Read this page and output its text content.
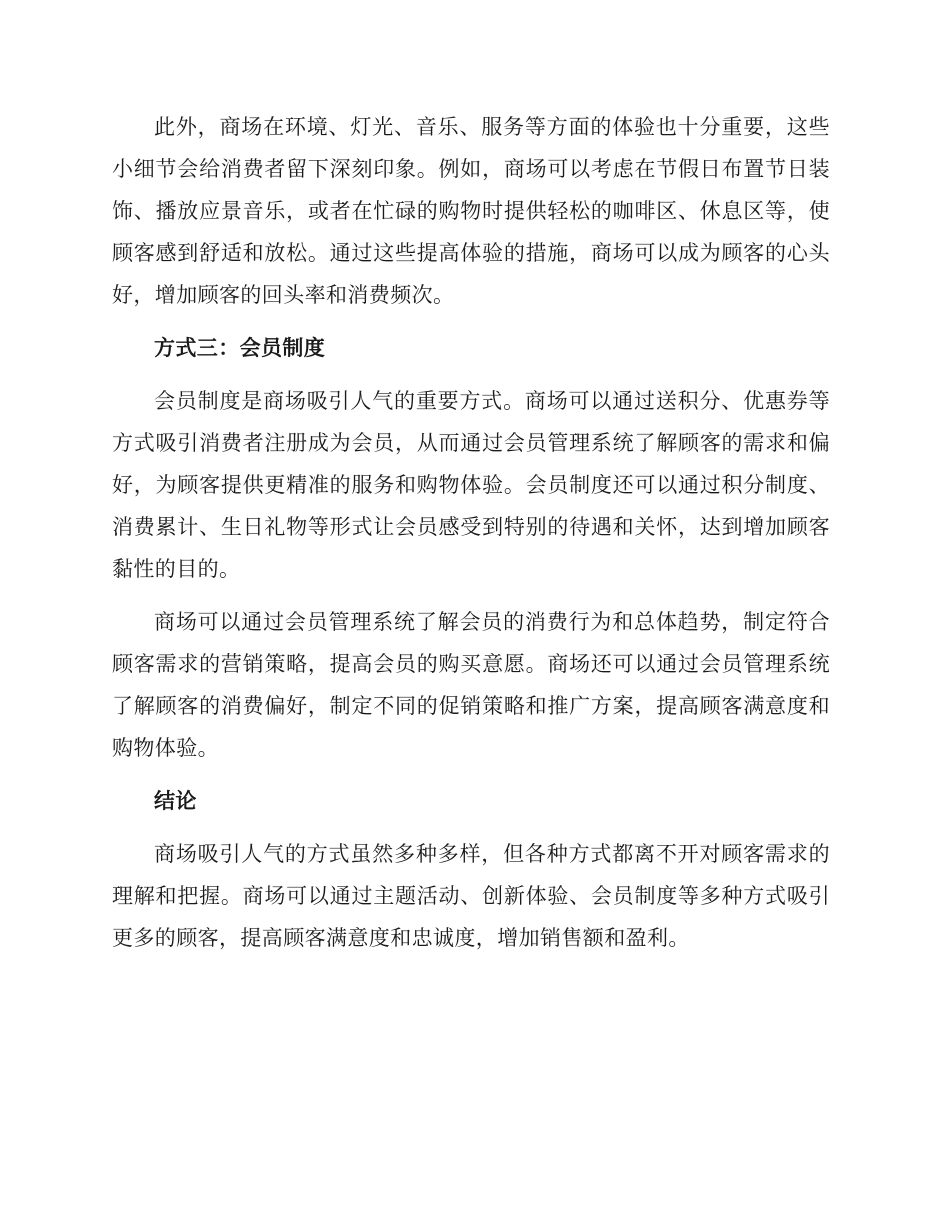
此外，商场在环境、灯光、音乐、服务等方面的体验也十分重要，这些小细节会给消费者留下深刻印象。例如，商场可以考虑在节假日布置节日装饰、播放应景音乐，或者在忙碌的购物时提供轻松的咖啡区、休息区等，使顾客感到舒适和放松。通过这些提高体验的措施，商场可以成为顾客的心头好，增加顾客的回头率和消费频次。

方式三：会员制度

会员制度是商场吸引人气的重要方式。商场可以通过送积分、优惠券等方式吸引消费者注册成为会员，从而通过会员管理系统了解顾客的需求和偏好，为顾客提供更精准的服务和购物体验。会员制度还可以通过积分制度、消费累计、生日礼物等形式让会员感受到特别的待遇和关怀，达到增加顾客黏性的目的。

商场可以通过会员管理系统了解会员的消费行为和总体趋势，制定符合顾客需求的营销策略，提高会员的购买意愿。商场还可以通过会员管理系统了解顾客的消费偏好，制定不同的促销策略和推广方案，提高顾客满意度和购物体验。

结论

商场吸引人气的方式虽然多种多样，但各种方式都离不开对顾客需求的理解和把握。商场可以通过主题活动、创新体验、会员制度等多种方式吸引更多的顾客，提高顾客满意度和忠诚度，增加销售额和盈利。
